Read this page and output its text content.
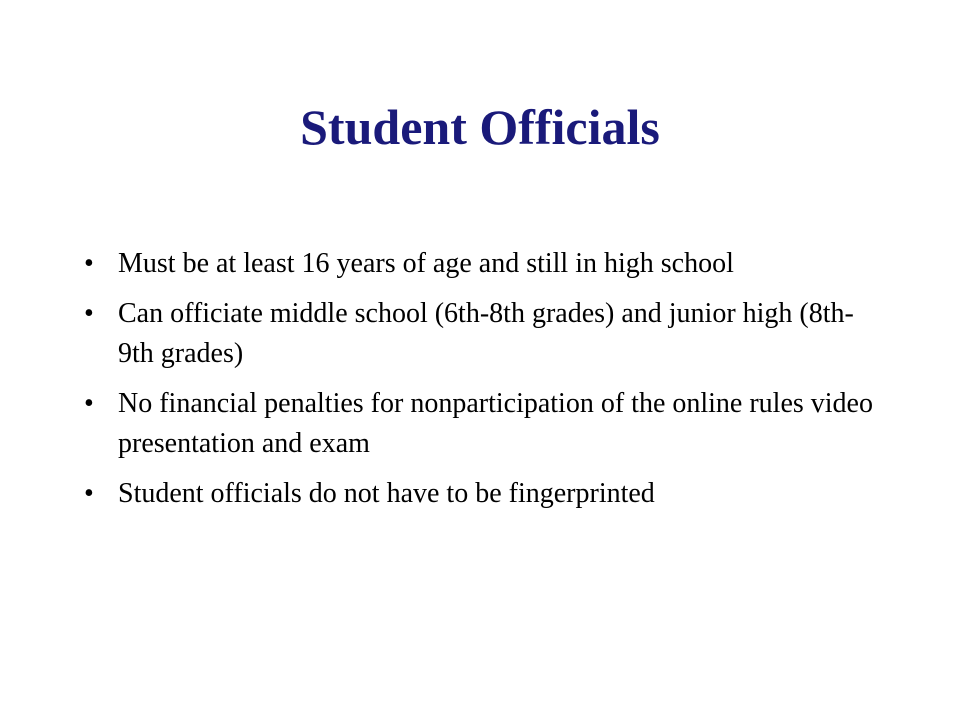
Student Officials
• Must be at least 16 years of age and still in high school
• Can officiate middle school (6th-8th grades) and junior high (8th-9th grades)
• No financial penalties for nonparticipation of the online rules video presentation and exam
• Student officials do not have to be fingerprinted
